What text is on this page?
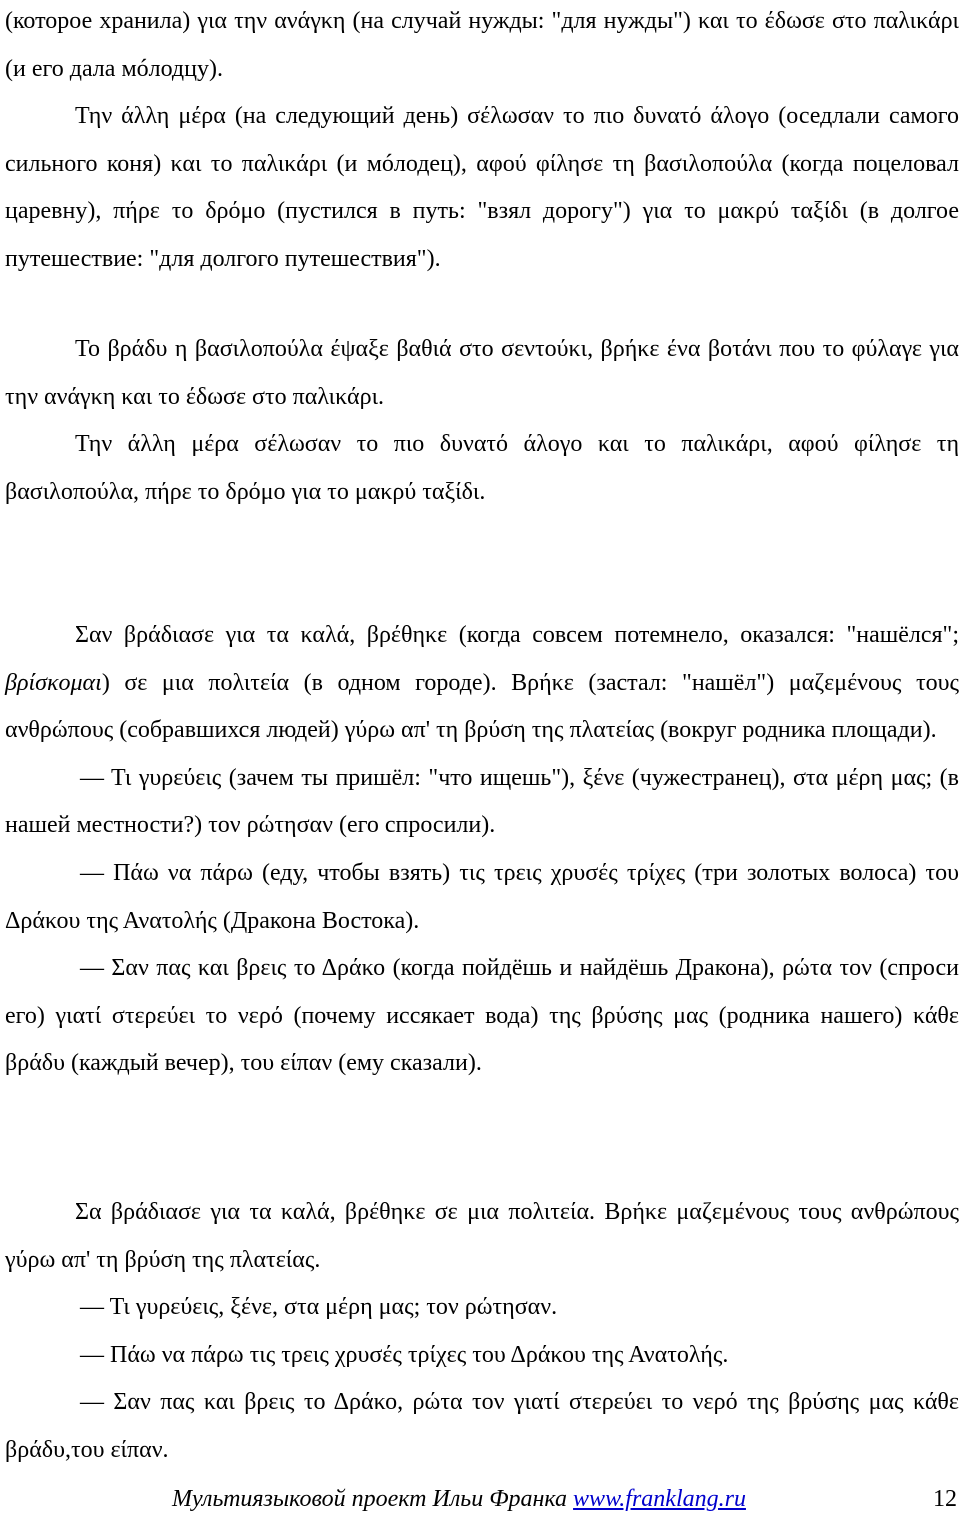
(которое хранила) για την ανάγκη (на случай нужды: "для нужды") και το έδωσε στο παλικάρι (и его дала мóлодцу).

Την άλλη μέρα (на следующий день) σέλωσαν το πιο δυνατό άλογο (оседлали самого сильного коня) και το παλικάρι (и мóлодец), αφού φίλησε τη βασιλοπούλα (когда поцеловал царевну), πήρε το δρόμο (пустился в путь: "взял дорогу") για το μακρύ ταξίδι (в долгое путешествие: "для долгого путешествия").

Το βράδυ η βασιλοπούλα έψαξε βαθιά στο σεντούκι, βρήκε ένα βοτάνι που το φύλαγε για την ανάγκη και το έδωσε στο παλικάρι.

Την άλλη μέρα σέλωσαν το πιο δυνατό άλογο και το παλικάρι, αφού φίλησε τη βασιλοπούλα, πήρε το δρόμο για το μακρύ ταξίδι.

Σαν βράδιασε για τα καλά, βρέθηκε (когда совсем потемнело, оказался: "нашёлся"; βρίσκομαι) σε μια πολιτεία (в одном городе). Βρήκε (застал: "нашёл") μαζεμένους τους ανθρώπους (собравшихся людей) γύρω απ' τη βρύση της πλατείας (вокруг родника площади).

― Τι γυρεύεις (зачем ты пришёл: "что ищешь"), ξένε (чужестранец), στα μέρη μας; (в нашей местности?) τον ρώτησαν (его спросили).

― Πάω να πάρω (еду, чтобы взять) τις τρεις χρυσές τρίχες (три золотых волоса) του Δράκου της Ανατολής (Дракона Востока).

― Σαν πας και βρεις το Δράκο (когда пойдёшь и найдёшь Дракона), ρώτα τον (спроси его) γιατί στερεύει το νερό (почему иссякает вода) της βρύσης μας (родника нашего) κάθε βράδυ (каждый вечер), του είπαν (ему сказали).

Σα βράδιασε για τα καλά, βρέθηκε σε μια πολιτεία. Βρήκε μαζεμένους τους ανθρώπους γύρω απ' τη βρύση της πλατείας.

― Τι γυρεύεις, ξένε, στα μέρη μας; τον ρώτησαν.

― Πάω να πάρω τις τρεις χρυσές τρίχες του Δράκου της Ανατολής.

― Σαν πας και βρεις το Δράκο, ρώτα τον γιατί στερεύει το νερό της βρύσης μας κάθε βράδυ,του είπαν.

Мультиязыковой проект Ильи Франка www.franklang.ru	12
